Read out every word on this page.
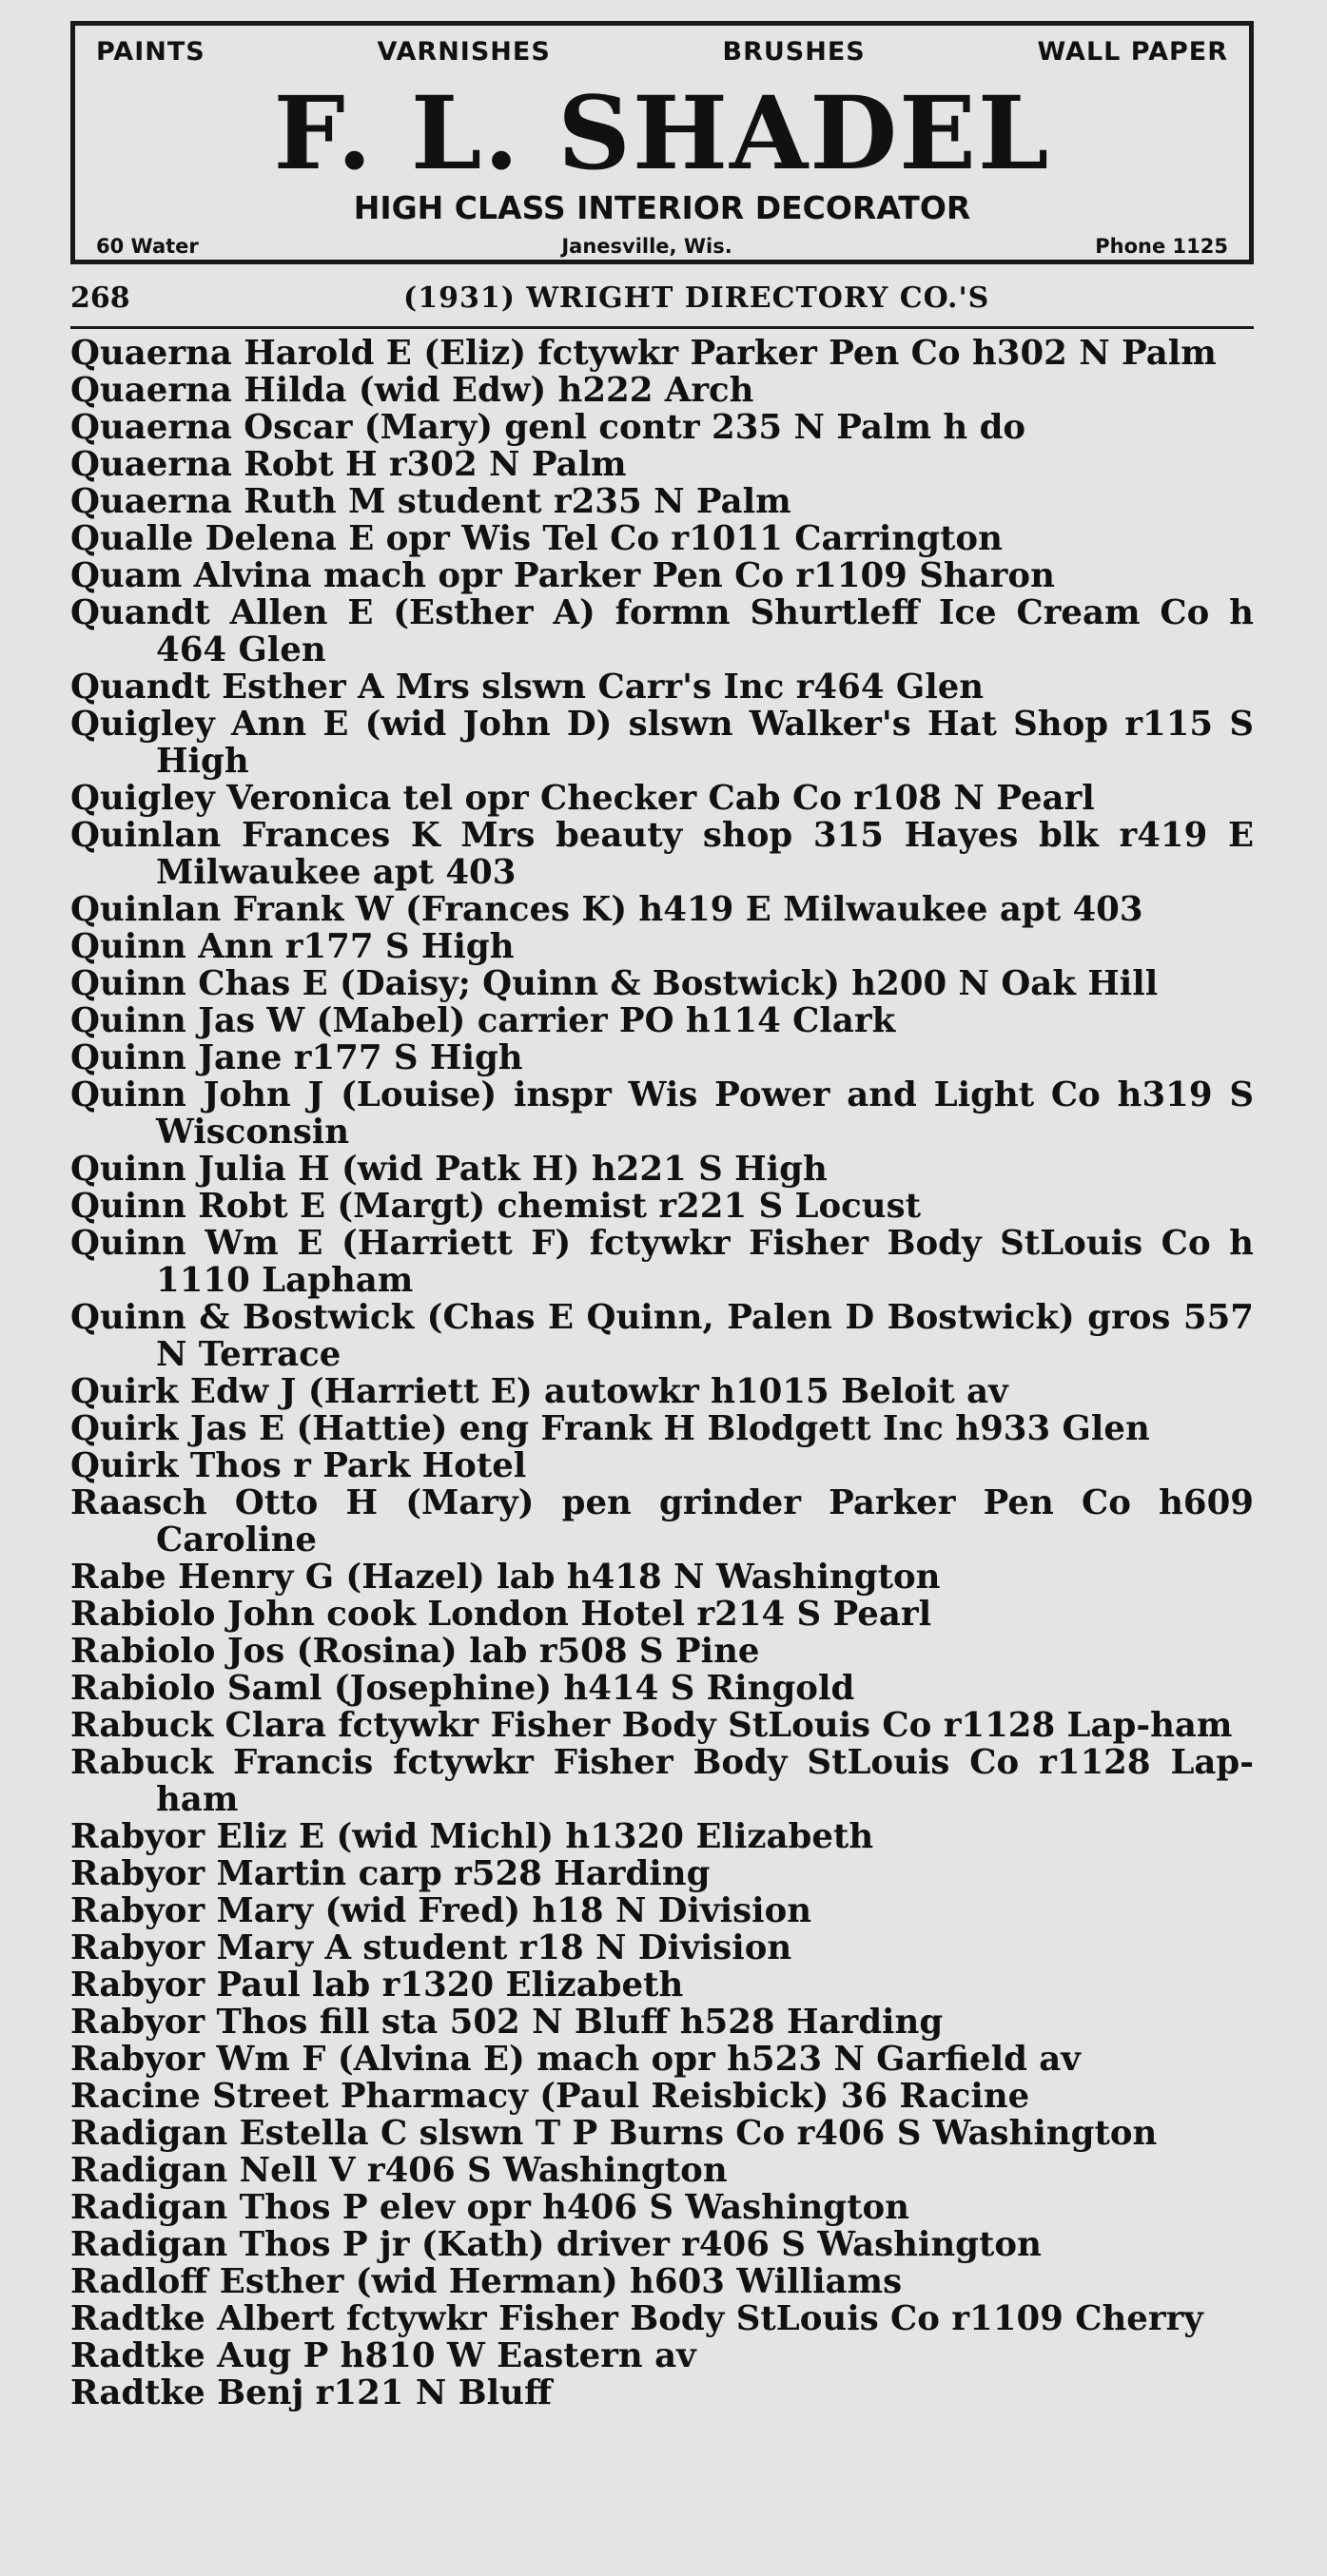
PAINTS	VARNISHES	BRUSHES	WALL PAPER
F. L. SHADEL
HIGH CLASS INTERIOR DECORATOR
60 Water	Janesville, Wis.	Phone 1125
268	(1931) WRIGHT DIRECTORY CO.'S
Quaerna Harold E (Eliz) fctywkr Parker Pen Co h302 N Palm
Quaerna Hilda (wid Edw) h222 Arch
Quaerna Oscar (Mary) genl contr 235 N Palm h do
Quaerna Robt H r302 N Palm
Quaerna Ruth M student r235 N Palm
Qualle Delena E opr Wis Tel Co r1011 Carrington
Quam Alvina mach opr Parker Pen Co r1109 Sharon
Quandt Allen E (Esther A) formn Shurtleff Ice Cream Co h 464 Glen
Quandt Esther A Mrs slswn Carr's Inc r464 Glen
Quigley Ann E (wid John D) slswn Walker's Hat Shop r115 S High
Quigley Veronica tel opr Checker Cab Co r108 N Pearl
Quinlan Frances K Mrs beauty shop 315 Hayes blk r419 E Milwaukee apt 403
Quinlan Frank W (Frances K) h419 E Milwaukee apt 403
Quinn Ann r177 S High
Quinn Chas E (Daisy; Quinn & Bostwick) h200 N Oak Hill
Quinn Jas W (Mabel) carrier PO h114 Clark
Quinn Jane r177 S High
Quinn John J (Louise) inspr Wis Power and Light Co h319 S Wisconsin
Quinn Julia H (wid Patk H) h221 S High
Quinn Robt E (Margt) chemist r221 S Locust
Quinn Wm E (Harriett F) fctywkr Fisher Body StLouis Co h 1110 Lapham
Quinn & Bostwick (Chas E Quinn, Palen D Bostwick) gros 557 N Terrace
Quirk Edw J (Harriett E) autowkr h1015 Beloit av
Quirk Jas E (Hattie) eng Frank H Blodgett Inc h933 Glen
Quirk Thos r Park Hotel
Raasch Otto H (Mary) pen grinder Parker Pen Co h609 Caroline
Rabe Henry G (Hazel) lab h418 N Washington
Rabiolo John cook London Hotel r214 S Pearl
Rabiolo Jos (Rosina) lab r508 S Pine
Rabiolo Saml (Josephine) h414 S Ringold
Rabuck Clara fctywkr Fisher Body StLouis Co r1128 Lap-ham
Rabuck Francis fctywkr Fisher Body StLouis Co r1128 Lap-ham
Rabyor Eliz E (wid Michl) h1320 Elizabeth
Rabyor Martin carp r528 Harding
Rabyor Mary (wid Fred) h18 N Division
Rabyor Mary A student r18 N Division
Rabyor Paul lab r1320 Elizabeth
Rabyor Thos fill sta 502 N Bluff h528 Harding
Rabyor Wm F (Alvina E) mach opr h523 N Garfield av
Racine Street Pharmacy (Paul Reisbick) 36 Racine
Radigan Estella C slswn T P Burns Co r406 S Washington
Radigan Nell V r406 S Washington
Radigan Thos P elev opr h406 S Washington
Radigan Thos P jr (Kath) driver r406 S Washington
Radloff Esther (wid Herman) h603 Williams
Radtke Albert fctywkr Fisher Body StLouis Co r1109 Cherry
Radtke Aug P h810 W Eastern av
Radtke Benj r121 N Bluff
